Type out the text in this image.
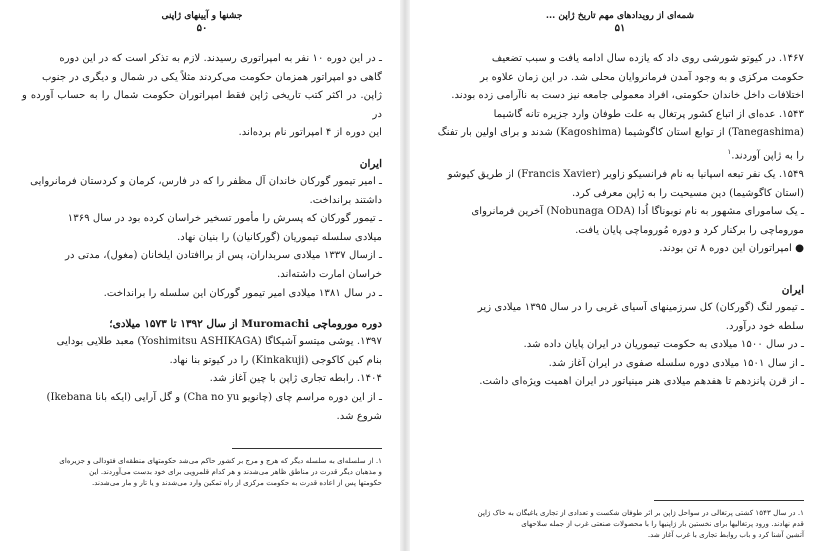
جشنها و آیینهای ژاپنی
۵۰

ـ در این دوره ۱۰ نفر به امپراتوری رسیدند. لازم به تذکر است که در این دوره

گاهی دو امپراتور همزمان حکومت می‌کردند مثلاً یکی در شمال و دیگری در جنوب

ژاپن. در اکثر کتب تاریخی ژاپن فقط امپراتوران حکومت شمال را به حساب آورده و در

این دوره از ۴ امپراتور نام برده‌اند.

ایران

ـ امیر تیمور گورکان خاندان آل مظفر را که در فارس، کرمان و کردستان فرمانروایی

داشتند برانداخت.

ـ تیمور گورکان که پسرش را مأمور تسخیر خراسان کرده بود در سال ۱۳۶۹

میلادی سلسله تیموریان (گورکانیان) را بنیان نهاد.

ـ ازسال ۱۳۳۷ میلادی سربداران، پس از براافتادن ایلخانان (مغول)، مدتی در

خراسان امارت داشته‌اند.

ـ در سال ۱۳۸۱ میلادی امیر تیمور گورکان این سلسله را برانداخت.

دوره موروماچی Muromachi از سال ۱۳۹۲ تا ۱۵۷۳ میلادی؛

۱۳۹۷. یوشی میتسو آشیکاگا (Yoshimitsu ASHIKAGA) معبد طلایی بودایی

بنام کین کاکوجی (Kinkakuji) را در کیوتو بنا نهاد.

۱۴۰۴. رابطه تجاری ژاپن با چین آغاز شد.

ـ از این دوره مراسم چای (چانویو Cha no yu) و گل آرایی (ایکه بانا Ikebana)

شروع شد.

۱. از سلسله‌ای به سلسله دیگر که هرج و مرج بر کشور حاکم می‌شد حکومتهای منطقه‌ای فئودالی و جزیره‌ای

و مذهبان دیگر قدرت در مناطق ظاهر می‌شدند و هر کدام قلمرویی برای خود بدست می‌آوردند. این

حکومتها پس از اعاده قدرت به حکومت مرکزی از راه تمکین وارد می‌شدند و یا تار و مار می‌شدند.

شمه‌ای از رویدادهای مهم تاریخ ژاپن ...
۵۱

۱۴۶۷. در کیوتو شورشی روی داد که یازده سال ادامه یافت و سبب تضعیف

حکومت مرکزی و به وجود آمدن فرمانروایان محلی شد. در این زمان علاوه بر

اختلافات داخل خاندان حکومتی، افراد معمولی جامعه نیز دست به ناآرامی زده بودند.

۱۵۴۳. عده‌ای از اتباع کشور پرتغال به علت طوفان وارد جزیره تانه گاشیما

(Tanegashima) از توابع استان کاگوشیما (Kagoshima) شدند و برای اولین بار تفنگ

را به ژاپن آوردند.$^۱$

۱۵۴۹. یک نفر تبعه اسپانیا به نام فرانسیکو زاویر (Francis Xavier) از طریق کیوشو

(استان کاگوشیما) دین مسیحیت را به ژاپن معرفی کرد.

ـ یک ساموراى مشهور به نام نوبوناگا اُدا (Nobunaga ODA) آخرین فرمانروای

موروماچی را برکنار کرد و دوره مُوروماچی پایان یافت.

● امپراتوران این دوره ۸ تن بودند.

ایران

ـ تیمور لنگ (گورکان) کل سرزمینهای آسیای غربی را در سال ۱۳۹۵ میلادی زیر

سلطه خود درآورد.

ـ در سال ۱۵۰۰ میلادی به حکومت تیموریان در ایران پایان داده شد.

ـ از سال ۱۵۰۱ میلادی دوره سلسله صفوی در ایران آغاز شد.

ـ از قرن پانزدهم تا هفدهم میلادی هنر مینیاتور در ایران اهمیت ویژه‌ای داشت.

۱. در سال ۱۵۴۳ کشتی پرتغالی در سواحل ژاپن بر اثر طوفان شکست و تعدادی از تجاری یاغیگان به خاک ژاپن

قدم نهادند. ورود پرتغالیها برای نخستین بار ژاپنیها را با محصولات صنعتی غرب از جمله سلاحهای

آتشین آشنا کرد و باب روابط تجاری با غرب آغاز شد.
